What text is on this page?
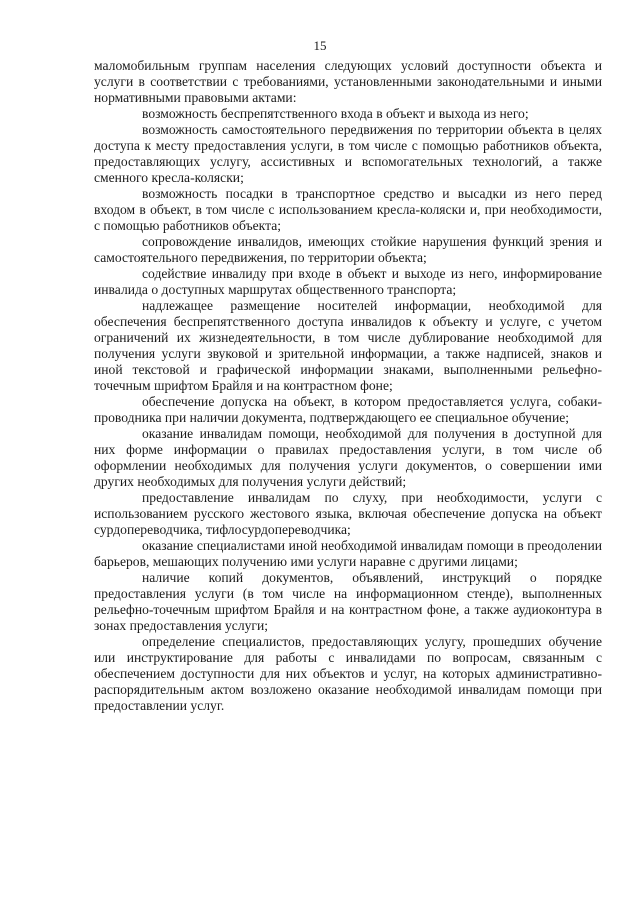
15

маломобильным группам населения следующих условий доступности объекта и услуги в соответствии с требованиями, установленными законодательными и иными нормативными правовыми актами:

возможность беспрепятственного входа в объект и выхода из него;

возможность самостоятельного передвижения по территории объекта в целях доступа к месту предоставления услуги, в том числе с помощью работников объекта, предоставляющих услугу, ассистивных и вспомогательных технологий, а также сменного кресла-коляски;

возможность посадки в транспортное средство и высадки из него перед входом в объект, в том числе с использованием кресла-коляски и, при необходимости, с помощью работников объекта;

сопровождение инвалидов, имеющих стойкие нарушения функций зрения и самостоятельного передвижения, по территории объекта;

содействие инвалиду при входе в объект и выходе из него, информирование инвалида о доступных маршрутах общественного транспорта;

надлежащее размещение носителей информации, необходимой для обеспечения беспрепятственного доступа инвалидов к объекту и услуге, с учетом ограничений их жизнедеятельности, в том числе дублирование необходимой для получения услуги звуковой и зрительной информации, а также надписей, знаков и иной текстовой и графической информации знаками, выполненными рельефно-точечным шрифтом Брайля и на контрастном фоне;

обеспечение допуска на объект, в котором предоставляется услуга, собаки-проводника при наличии документа, подтверждающего ее специальное обучение;

оказание инвалидам помощи, необходимой для получения в доступной для них форме информации о правилах предоставления услуги, в том числе об оформлении необходимых для получения услуги документов, о совершении ими других необходимых для получения услуги действий;

предоставление инвалидам по слуху, при необходимости, услуги с использованием русского жестового языка, включая обеспечение допуска на объект сурдопереводчика, тифлосурдопереводчика;

оказание специалистами иной необходимой инвалидам помощи в преодолении барьеров, мешающих получению ими услуги наравне с другими лицами;

наличие копий документов, объявлений, инструкций о порядке предоставления услуги (в том числе на информационном стенде), выполненных рельефно-точечным шрифтом Брайля и на контрастном фоне, а также аудиоконтура в зонах предоставления услуги;

определение специалистов, предоставляющих услугу, прошедших обучение или инструктирование для работы с инвалидами по вопросам, связанным с обеспечением доступности для них объектов и услуг, на которых административно-распорядительным актом возложено оказание необходимой инвалидам помощи при предоставлении услуг.
